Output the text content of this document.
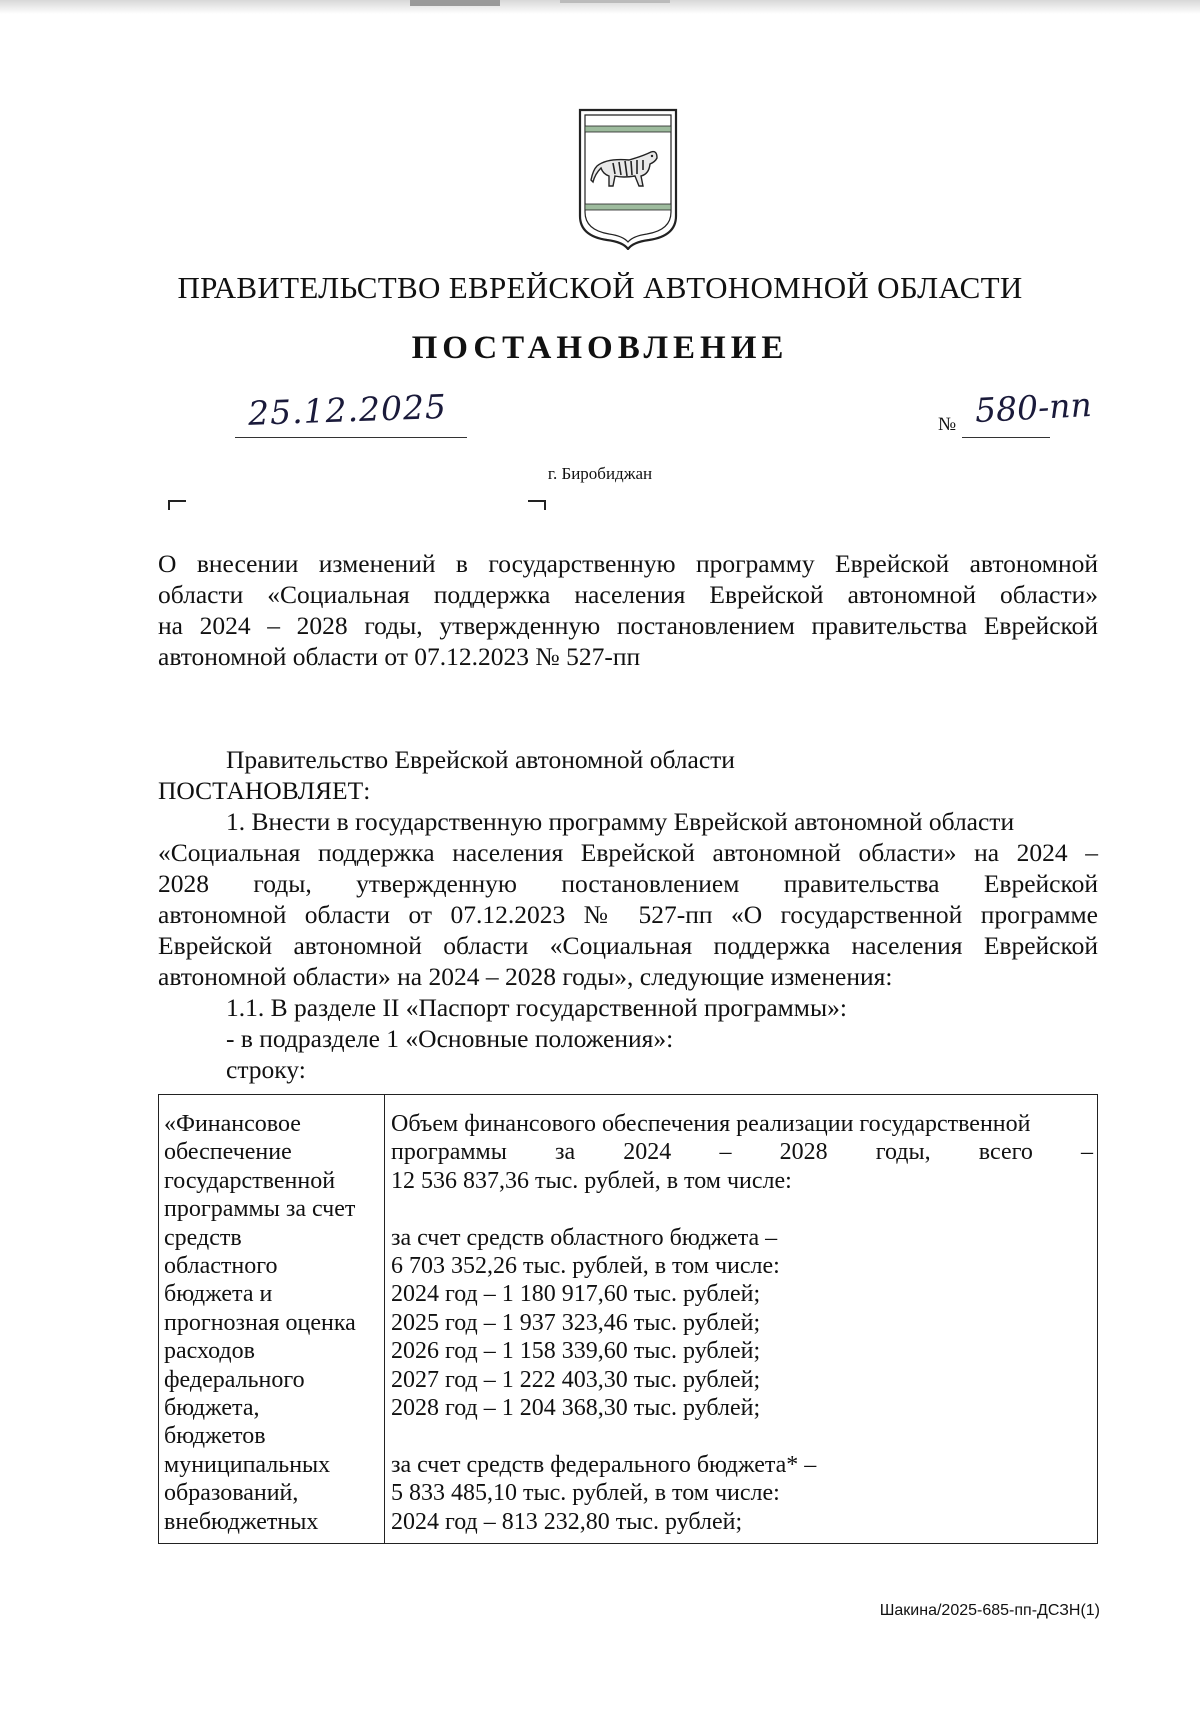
ПРАВИТЕЛЬСТВО ЕВРЕЙСКОЙ АВТОНОМНОЙ ОБЛАСТИ
ПОСТАНОВЛЕНИЕ
25.12.2025	№ 580-пп
г. Биробиджан
О внесении изменений в государственную программу Еврейской автономной
области «Социальная поддержка населения Еврейской автономной области»
на 2024 – 2028 годы, утвержденную постановлением правительства Еврейской
автономной области от 07.12.2023 № 527-пп
Правительство Еврейской автономной области
ПОСТАНОВЛЯЕТ:
1. Внести в государственную программу Еврейской автономной области
«Социальная поддержка населения Еврейской автономной области» на 2024 –
2028 годы, утвержденную постановлением правительства Еврейской
автономной области от 07.12.2023 № 527-пп «О государственной программе
Еврейской автономной области «Социальная поддержка населения Еврейской
автономной области» на 2024 – 2028 годы», следующие изменения:
1.1. В разделе II «Паспорт государственной программы»:
- в подразделе 1 «Основные положения»:
строку:
«Финансовое
обеспечение
государственной
программы за счет
средств
областного
бюджета и
прогнозная оценка
расходов
федерального
бюджета,
бюджетов
муниципальных
образований,
внебюджетных
Объем финансового обеспечения реализации государственной
программы за 2024 – 2028 годы, всего –
12 536 837,36 тыс. рублей, в том числе:
за счет средств областного бюджета –
6 703 352,26 тыс. рублей, в том числе:
2024 год – 1 180 917,60 тыс. рублей;
2025 год – 1 937 323,46 тыс. рублей;
2026 год – 1 158 339,60 тыс. рублей;
2027 год – 1 222 403,30 тыс. рублей;
2028 год – 1 204 368,30 тыс. рублей;
за счет средств федерального бюджета* –
5 833 485,10 тыс. рублей, в том числе:
2024 год – 813 232,80 тыс. рублей;
Шакина/2025-685-пп-ДСЗН(1)
